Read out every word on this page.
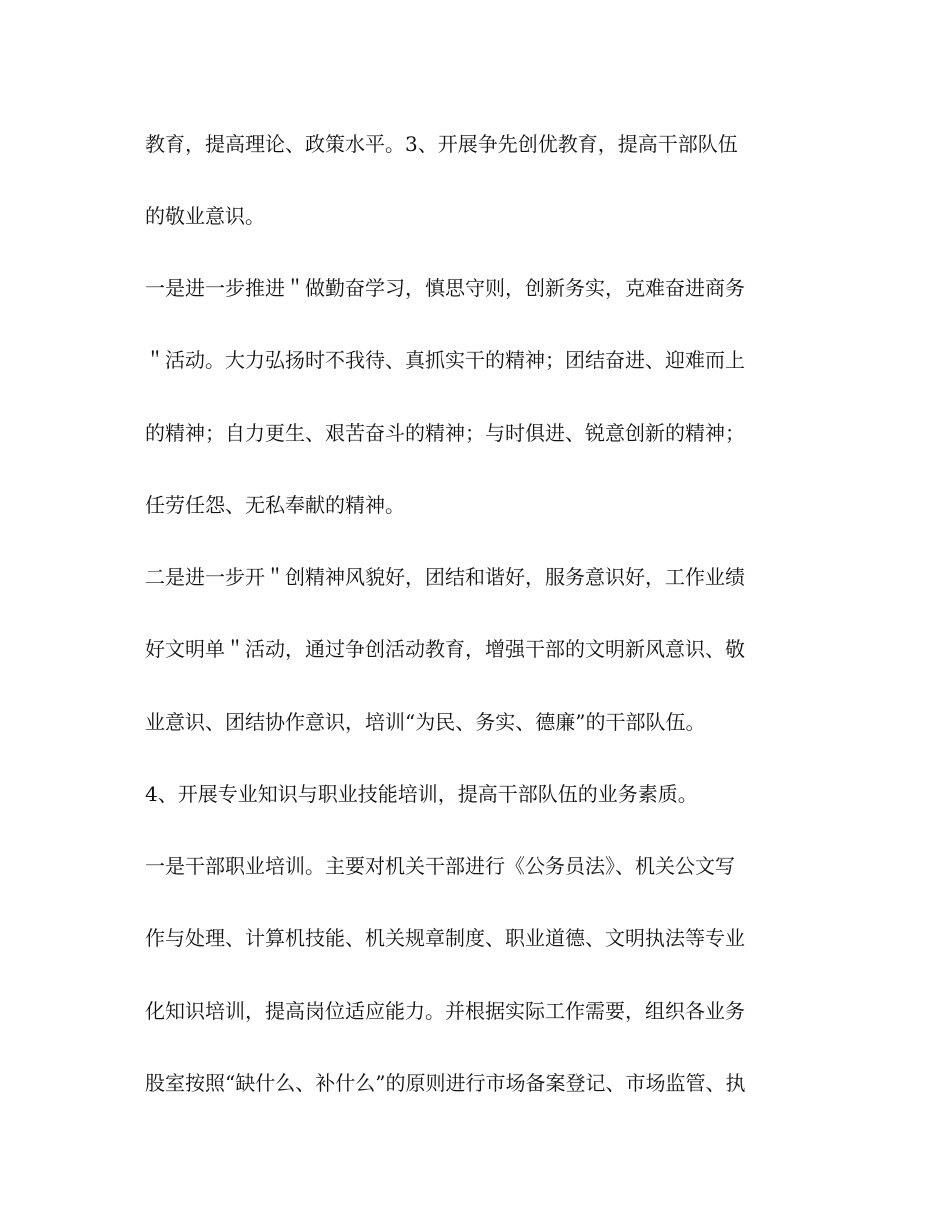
教育，提高理论、政策水平。3、开展争先创优教育，提高干部队伍
的敬业意识。
一是进一步推进＂做勤奋学习，慎思守则，创新务实，克难奋进商务
＂活动。大力弘扬时不我待、真抓实干的精神；团结奋进、迎难而上
的精神；自力更生、艰苦奋斗的精神；与时俱进、锐意创新的精神；
任劳任怨、无私奉献的精神。
二是进一步开＂创精神风貌好，团结和谐好，服务意识好，工作业绩
好文明单＂活动，通过争创活动教育，增强干部的文明新风意识、敬
业意识、团结协作意识，培训“为民、务实、德廉”的干部队伍。
4、开展专业知识与职业技能培训，提高干部队伍的业务素质。
一是干部职业培训。主要对机关干部进行《公务员法》、机关公文写
作与处理、计算机技能、机关规章制度、职业道德、文明执法等专业
化知识培训，提高岗位适应能力。并根据实际工作需要，组织各业务
股室按照“缺什么、补什么”的原则进行市场备案登记、市场监管、执
